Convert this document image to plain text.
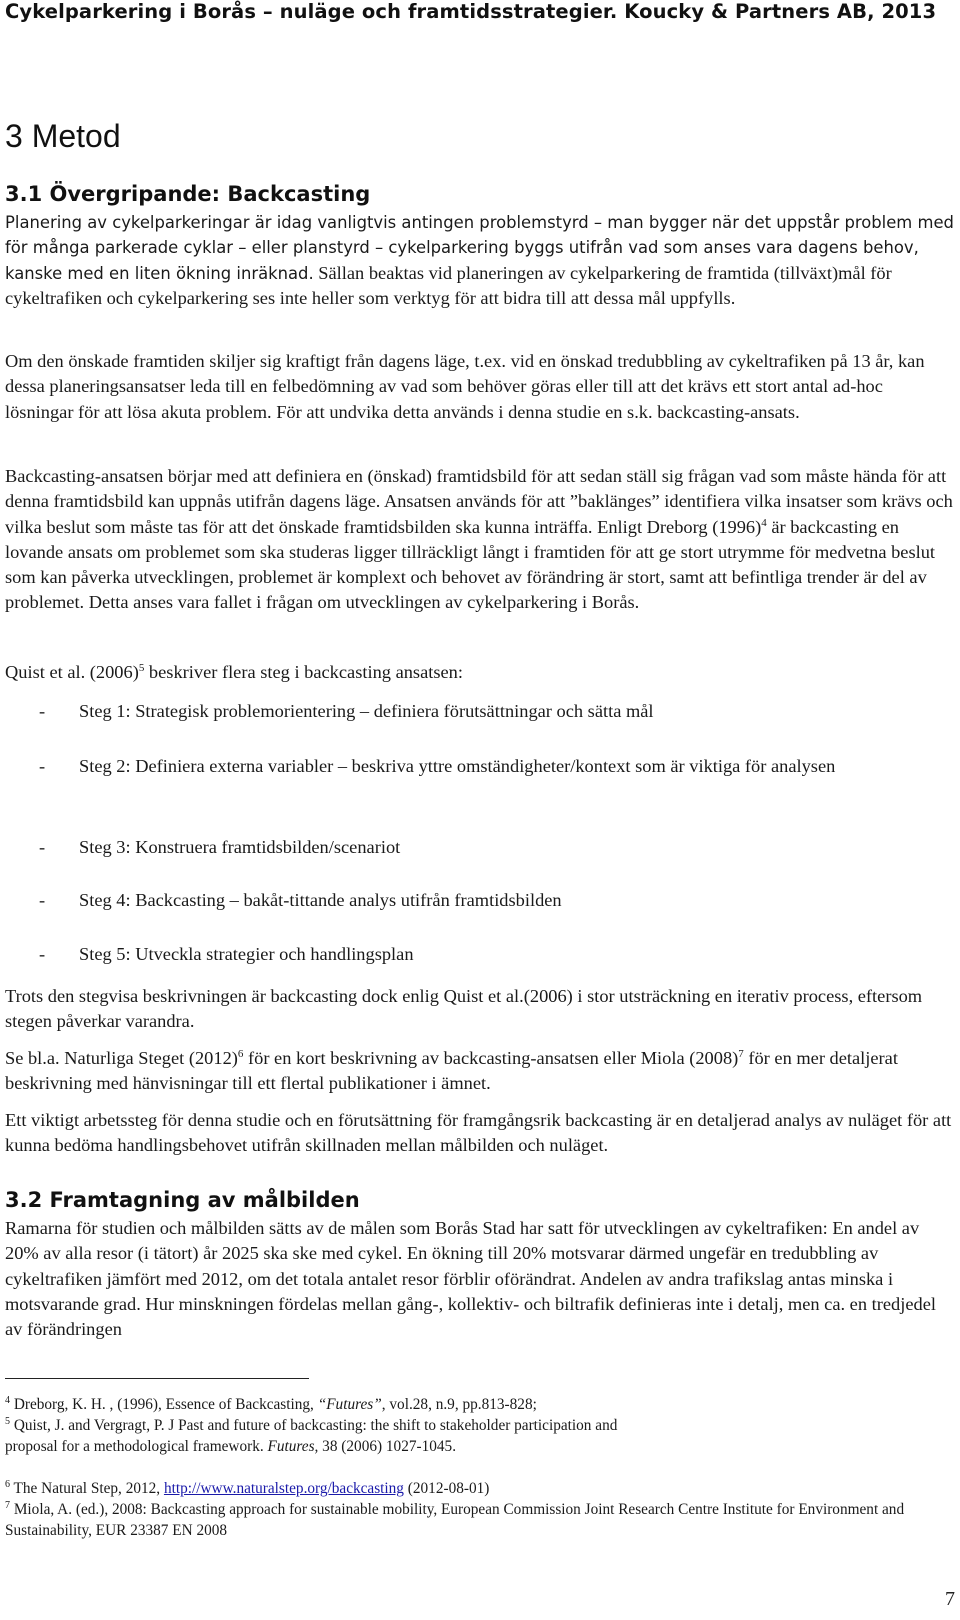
Cykelparkering i Borås – nuläge och framtidsstrategier. Koucky & Partners AB, 2013
3 Metod
3.1 Övergripande: Backcasting

Planering av cykelparkeringar är idag vanligtvis antingen problemstyrd – man bygger när det uppstår problem med för många parkerade cyklar – eller planstyrd – cykelparkering byggs utifrån vad som anses vara dagens behov, kanske med en liten ökning inräknad. Sällan beaktas vid planeringen av cykelparkering de framtida (tillväxt)mål för cykeltrafiken och cykelparkering ses inte heller som verktyg för att bidra till att dessa mål uppfylls.

Om den önskade framtiden skiljer sig kraftigt från dagens läge, t.ex. vid en önskad tredubbling av cykeltrafiken på 13 år, kan dessa planeringsansatser leda till en felbedömning av vad som behöver göras eller till att det krävs ett stort antal ad-hoc lösningar för att lösa akuta problem. För att undvika detta används i denna studie en s.k. backcasting-ansats.

Backcasting-ansatsen börjar med att definiera en (önskad) framtidsbild för att sedan ställ sig frågan vad som måste hända för att denna framtidsbild kan uppnås utifrån dagens läge. Ansatsen används för att ”baklänges” identifiera vilka insatser som krävs och vilka beslut som måste tas för att det önskade framtidsbilden ska kunna inträffa. Enligt Dreborg $(1996)^4$ är backcasting en lovande ansats om problemet som ska studeras ligger tillräckligt långt i framtiden för att ge stort utrymme för medvetna beslut som kan påverka utvecklingen, problemet är komplext och behovet av förändring är stort, samt att befintliga trender är del av problemet. Detta anses vara fallet i frågan om utvecklingen av cykelparkering i Borås.

Quist et al. $(2006)^5$ beskriver flera steg i backcasting ansatsen:

- Steg 1: Strategisk problemorientering – definiera förutsättningar och sätta mål
- Steg 2: Definiera externa variabler – beskriva yttre omständigheter/kontext som är viktiga för analysen
- Steg 3: Konstruera framtidsbilden/scenariot
- Steg 4: Backcasting – bakåt-tittande analys utifrån framtidsbilden
- Steg 5: Utveckla strategier och handlingsplan

Trots den stegvisa beskrivningen är backcasting dock enlig Quist et al.(2006) i stor utsträckning en iterativ process, eftersom stegen påverkar varandra.

Se bl.a. Naturliga Steget $(2012)^6$ för en kort beskrivning av backcasting-ansatsen eller Miola $(2008)^7$ för en mer detaljerat beskrivning med hänvisningar till ett flertal publikationer i ämnet.

Ett viktigt arbetssteg för denna studie och en förutsättning för framgångsrik backcasting är en detaljerad analys av nuläget för att kunna bedöma handlingsbehovet utifrån skillnaden mellan målbilden och nuläget.

3.2 Framtagning av målbilden

Ramarna för studien och målbilden sätts av de målen som Borås Stad har satt för utvecklingen av cykeltrafiken: En andel av 20% av alla resor (i tätort) år 2025 ska ske med cykel. En ökning till 20% motsvarar därmed ungefär en tredubbling av cykeltrafiken jämfört med 2012, om det totala antalet resor förblir oförändrat. Andelen av andra trafikslag antas minska i motsvarande grad. Hur minskningen fördelas mellan gång-, kollektiv- och biltrafik definieras inte i detalj, men ca. en tredjedel av förändringen

$^4$ Dreborg, K. H. , (1996), Essence of Backcasting, “Futures”, vol.28, n.9, pp.813-828;
$^5$ Quist, J. and Vergragt, P. J Past and future of backcasting: the shift to stakeholder participation and proposal for a methodological framework. Futures, 38 (2006) 1027-1045.
$^6$ The Natural Step, 2012, http://www.naturalstep.org/backcasting (2012-08-01)
$^7$ Miola, A. (ed.), 2008: Backcasting approach for sustainable mobility, European Commission Joint Research Centre Institute for Environment and Sustainability, EUR 23387 EN 2008
7
